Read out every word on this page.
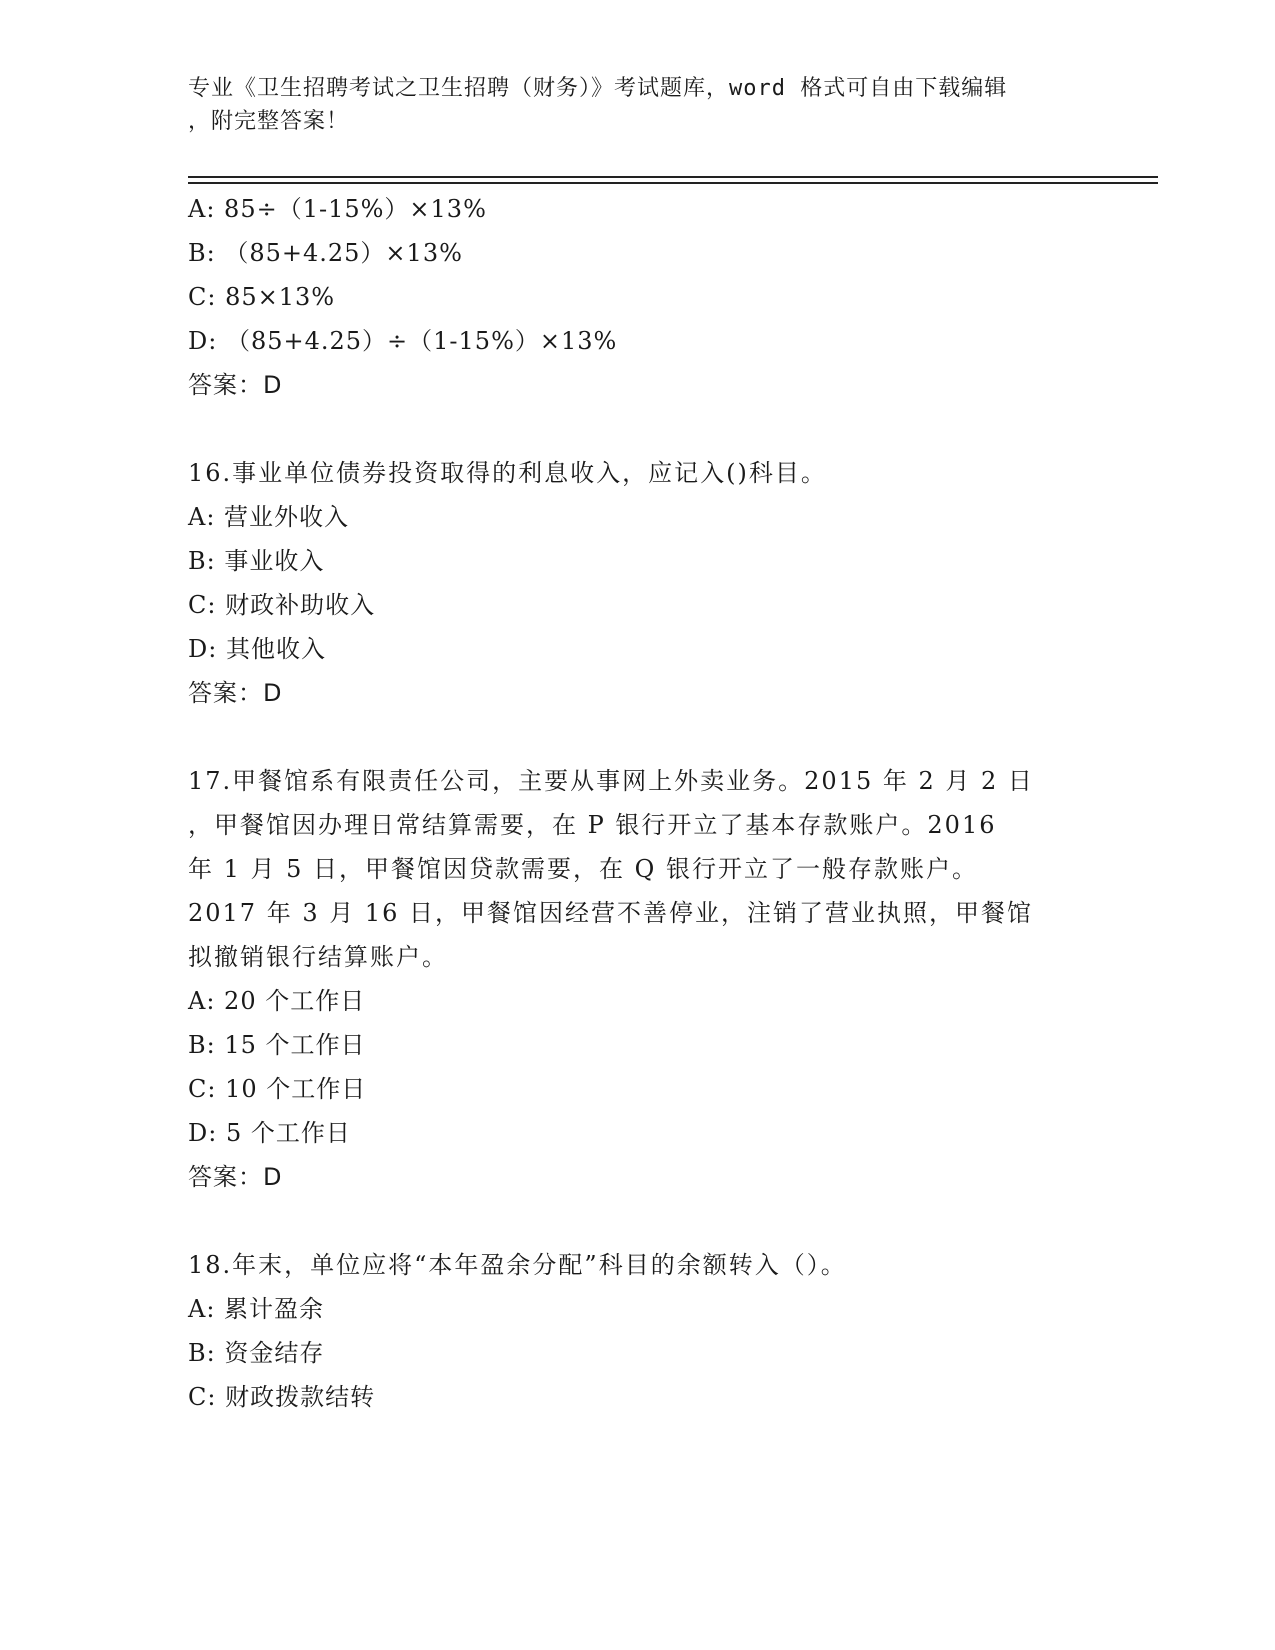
专业《卫生招聘考试之卫生招聘（财务）》考试题库，word 格式可自由下载编辑
，附完整答案！
A: 85÷（1-15%）×13%
B: （85+4.25）×13%
C: 85×13%
D: （85+4.25）÷（1-15%）×13%
答案：D
16.事业单位债券投资取得的利息收入，应记入()科目。
A: 营业外收入
B: 事业收入
C: 财政补助收入
D: 其他收入
答案：D
17.甲餐馆系有限责任公司，主要从事网上外卖业务。2015 年 2 月 2 日
，甲餐馆因办理日常结算需要，在 P 银行开立了基本存款账户。2016
年 1 月 5 日，甲餐馆因贷款需要，在 Q 银行开立了一般存款账户。
2017 年 3 月 16 日，甲餐馆因经营不善停业，注销了营业执照，甲餐馆
拟撤销银行结算账户。
A: 20 个工作日
B: 15 个工作日
C: 10 个工作日
D: 5 个工作日
答案：D
18.年末，单位应将“本年盈余分配”科目的余额转入（）。
A: 累计盈余
B: 资金结存
C: 财政拨款结转
